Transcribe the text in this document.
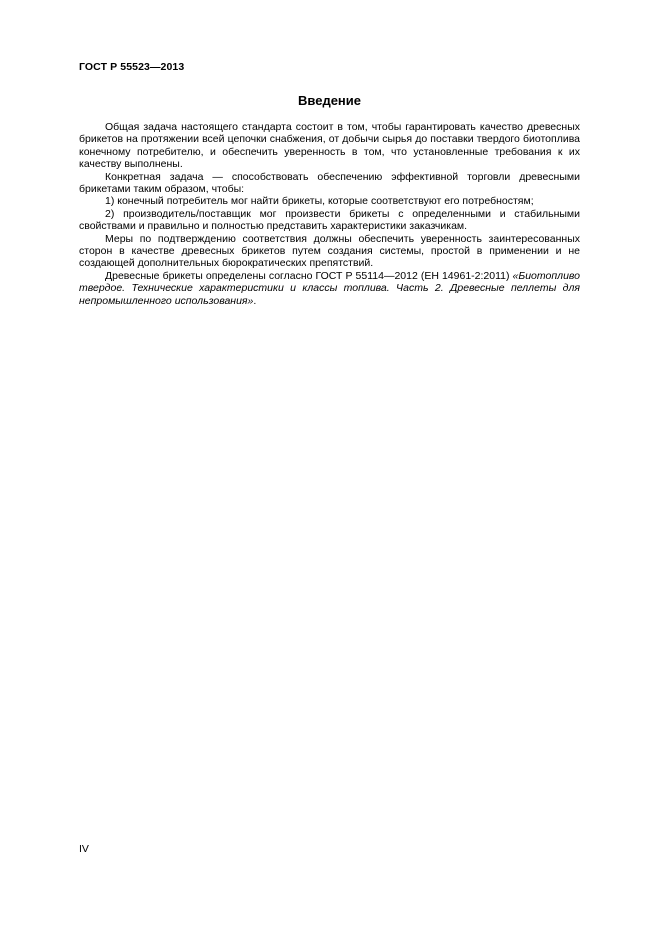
ГОСТ Р 55523—2013

Введение

Общая задача настоящего стандарта состоит в том, чтобы гарантировать качество древесных брикетов на протяжении всей цепочки снабжения, от добычи сырья до поставки твердого биотоплива конечному потребителю, и обеспечить уверенность в том, что установленные требования к их качеству выполнены.

Конкретная задача — способствовать обеспечению эффективной торговли древесными брикетами таким образом, чтобы:

1) конечный потребитель мог найти брикеты, которые соответствуют его потребностям;

2) производитель/поставщик мог произвести брикеты с определенными и стабильными свойствами и правильно и полностью представить характеристики заказчикам.

Меры по подтверждению соответствия должны обеспечить уверенность заинтересованных сторон в качестве древесных брикетов путем создания системы, простой в применении и не создающей дополнительных бюрократических препятствий.

Древесные брикеты определены согласно ГОСТ Р 55114—2012 (ЕН 14961-2:2011) «Биотопливо твердое. Технические характеристики и классы топлива. Часть 2. Древесные пеллеты для непромышленного использования».

IV
